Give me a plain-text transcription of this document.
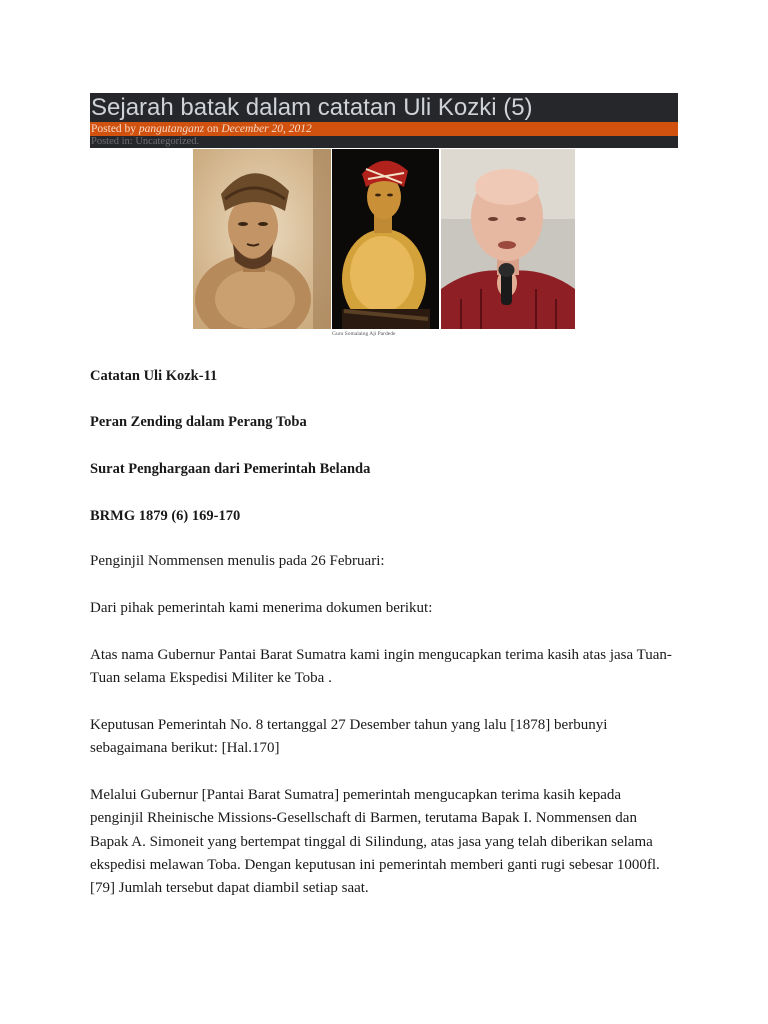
Sejarah batak dalam catatan Uli Kozki (5)
Posted by pangutanganz on December 20, 2012
Posted in: Uncategorized.
Guru Somalaing Aji Pardede

Catatan Uli Kozk-11

Peran Zending dalam Perang Toba

Surat Penghargaan dari Pemerintah Belanda

BRMG 1879 (6) 169-170

Penginjil Nommensen menulis pada 26 Februari:

Dari pihak pemerintah kami menerima dokumen berikut:

Atas nama Gubernur Pantai Barat Sumatra kami ingin mengucapkan terima kasih atas jasa Tuan-

Tuan selama Ekspedisi Militer ke Toba .

Keputusan Pemerintah No. 8 tertanggal 27 Desember tahun yang lalu [1878] berbunyi

sebagaimana berikut: [Hal.170]

Melalui Gubernur [Pantai Barat Sumatra] pemerintah mengucapkan terima kasih kepada

penginjil Rheinische Missions-Gesellschaft di Barmen, terutama Bapak I. Nommensen dan

Bapak A. Simoneit yang bertempat tinggal di Silindung, atas jasa yang telah diberikan selama

ekspedisi melawan Toba. Dengan keputusan ini pemerintah memberi ganti rugi sebesar 1000fl.

[79] Jumlah tersebut dapat diambil setiap saat.
